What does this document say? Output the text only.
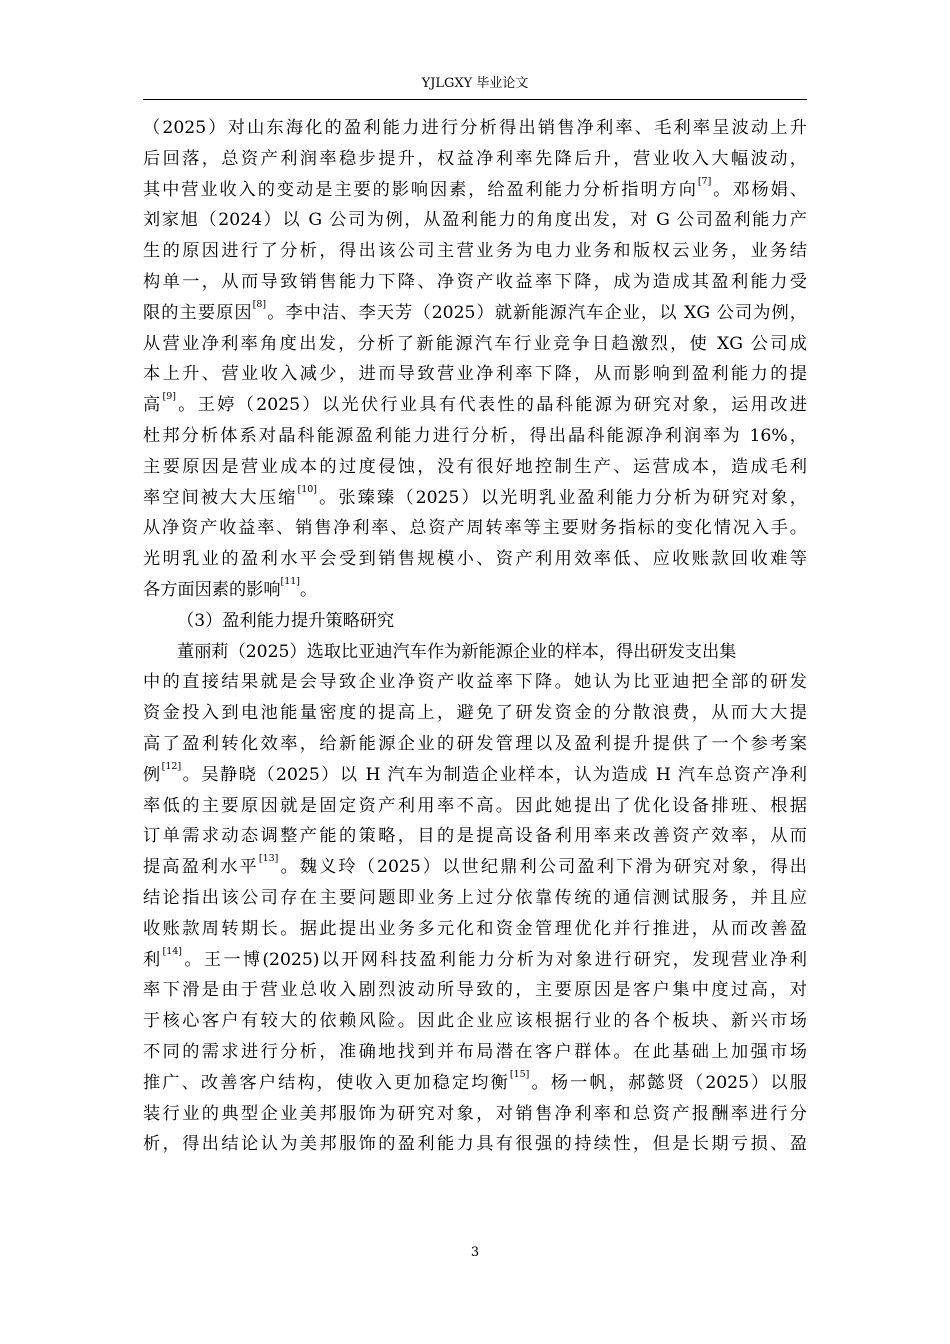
YJLGXY 毕业论文
（2025）对山东海化的盈利能力进行分析得出销售净利率、毛利率呈波动上升
后回落，总资产利润率稳步提升，权益净利率先降后升，营业收入大幅波动，
其中营业收入的变动是主要的影响因素，给盈利能力分析指明方向[7]。邓杨娟、
刘家旭（2024）以 G 公司为例，从盈利能力的角度出发，对 G 公司盈利能力产
生的原因进行了分析，得出该公司主营业务为电力业务和版权云业务，业务结
构单一，从而导致销售能力下降、净资产收益率下降，成为造成其盈利能力受
限的主要原因[8]。李中洁、李天芳（2025）就新能源汽车企业，以 XG 公司为例，
从营业净利率角度出发，分析了新能源汽车行业竞争日趋激烈，使 XG 公司成
本上升、营业收入减少，进而导致营业净利率下降，从而影响到盈利能力的提
高[9]。王婷（2025）以光伏行业具有代表性的晶科能源为研究对象，运用改进
杜邦分析体系对晶科能源盈利能力进行分析，得出晶科能源净利润率为 16%，
主要原因是营业成本的过度侵蚀，没有很好地控制生产、运营成本，造成毛利
率空间被大大压缩[10]。张臻臻（2025）以光明乳业盈利能力分析为研究对象，
从净资产收益率、销售净利率、总资产周转率等主要财务指标的变化情况入手。
光明乳业的盈利水平会受到销售规模小、资产利用效率低、应收账款回收难等
各方面因素的影响[11]。
（3）盈利能力提升策略研究
董丽莉（2025）选取比亚迪汽车作为新能源企业的样本，得出研发支出集
中的直接结果就是会导致企业净资产收益率下降。她认为比亚迪把全部的研发
资金投入到电池能量密度的提高上，避免了研发资金的分散浪费，从而大大提
高了盈利转化效率，给新能源企业的研发管理以及盈利提升提供了一个参考案
例[12]。吴静晓（2025）以 H 汽车为制造企业样本，认为造成 H 汽车总资产净利
率低的主要原因就是固定资产利用率不高。因此她提出了优化设备排班、根据
订单需求动态调整产能的策略，目的是提高设备利用率来改善资产效率，从而
提高盈利水平[13]。魏义玲（2025）以世纪鼎利公司盈利下滑为研究对象，得出
结论指出该公司存在主要问题即业务上过分依靠传统的通信测试服务，并且应
收账款周转期长。据此提出业务多元化和资金管理优化并行推进，从而改善盈
利[14]。王一博(2025)以开网科技盈利能力分析为对象进行研究，发现营业净利
率下滑是由于营业总收入剧烈波动所导致的，主要原因是客户集中度过高，对
于核心客户有较大的依赖风险。因此企业应该根据行业的各个板块、新兴市场
不同的需求进行分析，准确地找到并布局潜在客户群体。在此基础上加强市场
推广、改善客户结构，使收入更加稳定均衡[15]。杨一帆，郝懿贤（2025）以服
装行业的典型企业美邦服饰为研究对象，对销售净利率和总资产报酬率进行分
析，得出结论认为美邦服饰的盈利能力具有很强的持续性，但是长期亏损、盈
3
